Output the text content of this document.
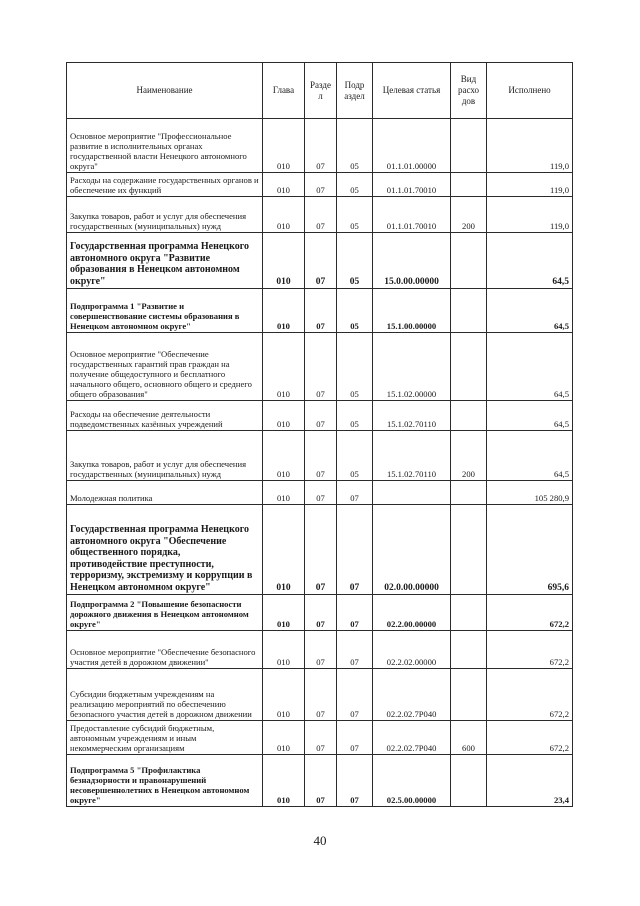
Наименование	Глава	Разде л	Подр аздел	Целевая статья	Вид расхо дов	Исполнено
Основное мероприятие "Профессиональное развитие в исполнительных органах государственной власти Ненецкого автономного округа"	010	07	05	01.1.01.00000		119,0
Расходы на содержание государственных органов и обеспечение их функций	010	07	05	01.1.01.70010		119,0
Закупка товаров, работ и услуг для обеспечения государственных (муниципальных) нужд	010	07	05	01.1.01.70010	200	119,0
Государственная программа Ненецкого автономного округа "Развитие образования в Ненецком автономном округе"	010	07	05	15.0.00.00000		64,5
Подпрограмма 1 "Развитие и совершенствование системы образования в Ненецком автономном округе"	010	07	05	15.1.00.00000		64,5
Основное мероприятие "Обеспечение государственных гарантий прав граждан на получение общедоступного и бесплатного начального общего, основного общего и среднего общего образования"	010	07	05	15.1.02.00000		64,5
Расходы на обеспечение деятельности подведомственных казённых учреждений	010	07	05	15.1.02.70110		64,5
Закупка товаров, работ и услуг для обеспечения государственных (муниципальных) нужд	010	07	05	15.1.02.70110	200	64,5
Молодежная политика	010	07	07			105 280,9
Государственная программа Ненецкого автономного округа "Обеспечение общественного порядка, противодействие преступности, терроризму, экстремизму и коррупции в Ненецком автономном округе"	010	07	07	02.0.00.00000		695,6
Подпрограмма 2 "Повышение безопасности дорожного движения в Ненецком автономном округе"	010	07	07	02.2.00.00000		672,2
Основное мероприятие "Обеспечение безопасного участия детей в дорожном движении"	010	07	07	02.2.02.00000		672,2
Субсидии бюджетным учреждениям на реализацию мероприятий по обеспечению безопасного участия детей в дорожном движении	010	07	07	02.2.02.7Р040		672,2
Предоставление субсидий бюджетным, автономным учреждениям и иным некоммерческим организациям	010	07	07	02.2.02.7Р040	600	672,2
Подпрограмма 5 "Профилактика безнадзорности и правонарушений несовершеннолетних в Ненецком автономном округе"	010	07	07	02.5.00.00000		23,4
40
